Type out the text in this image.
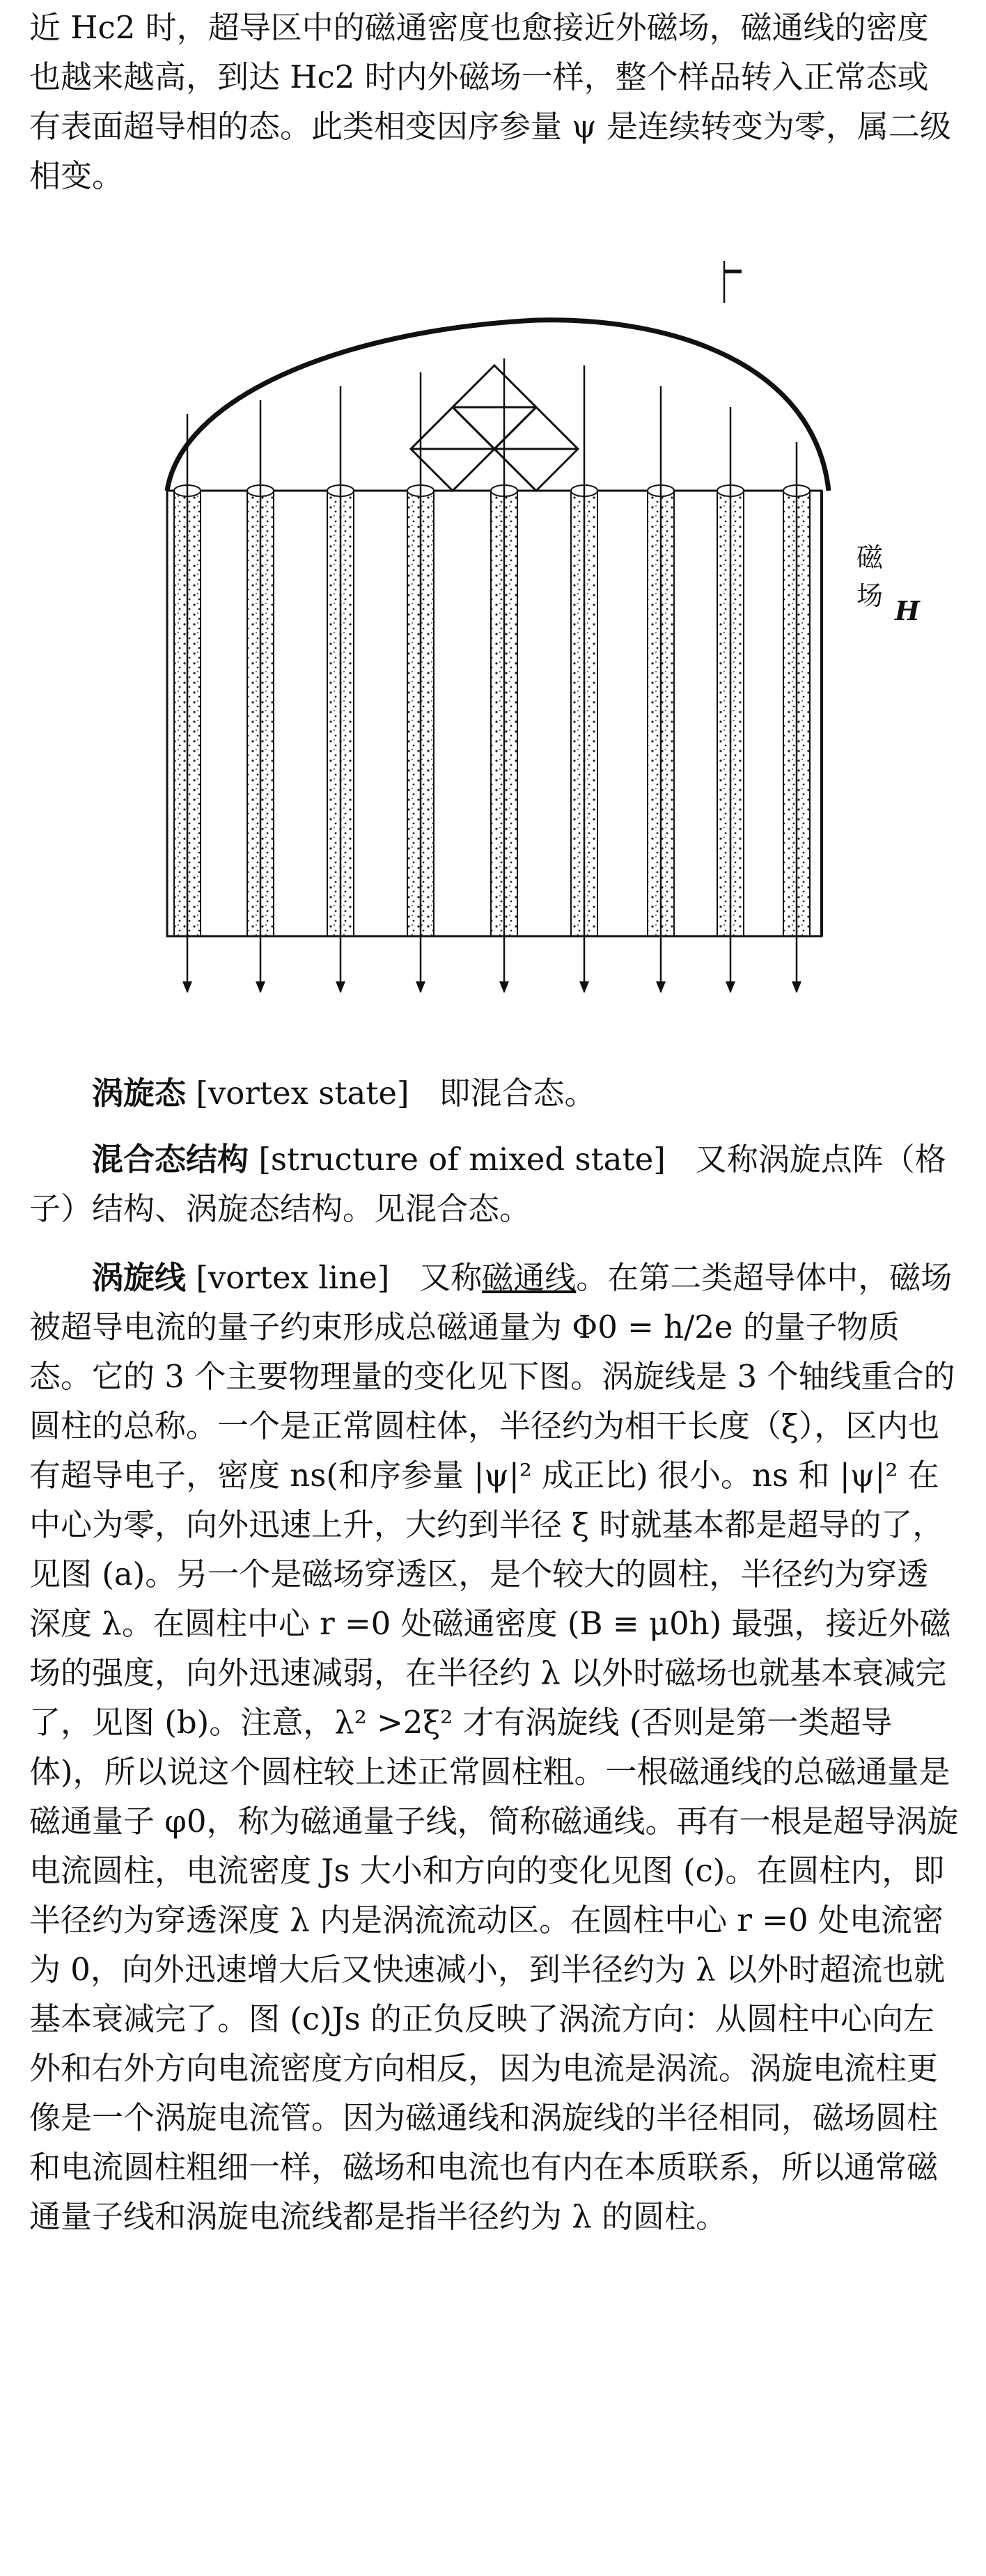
近 Hc2 时，超导区中的磁通密度也愈接近外磁场，磁通线的密度也越来越高，到达 Hc2 时内外磁场一样，整个样品转入正常态或有表面超导相的态。此类相变因序参量 ψ 是连续转变为零，属二级相变。

磁场 H

涡旋态 [vortex state] 即混合态。

混合态结构 [structure of mixed state] 又称涡旋点阵（格子）结构、涡旋态结构。见混合态。

涡旋线 [vortex line] 又称磁通线。在第二类超导体中，磁场被超导电流的量子约束形成总磁通量为 Φ0 = h/2e 的量子物质态。它的 3 个主要物理量的变化见下图。涡旋线是 3 个轴线重合的圆柱的总称。一个是正常圆柱体，半径约为相干长度（ξ），区内也有超导电子，密度 ns(和序参量 |ψ|² 成正比) 很小。ns 和 |ψ|² 在中心为零，向外迅速上升，大约到半径 ξ 时就基本都是超导的了，见图 (a)。另一个是磁场穿透区，是个较大的圆柱，半径约为穿透深度 λ。在圆柱中心 r =0 处磁通密度 (B ≡ μ0h) 最强，接近外磁场的强度，向外迅速减弱，在半径约 λ 以外时磁场也就基本衰减完了，见图 (b)。注意，λ² >2ξ² 才有涡旋线 (否则是第一类超导体)，所以说这个圆柱较上述正常圆柱粗。一根磁通线的总磁通量是磁通量子 φ0，称为磁通量子线，简称磁通线。再有一根是超导涡旋电流圆柱，电流密度 Js 大小和方向的变化见图 (c)。在圆柱内，即半径约为穿透深度 λ 内是涡流流动区。在圆柱中心 r =0 处电流密为 0，向外迅速增大后又快速减小，到半径约为 λ 以外时超流也就基本衰减完了。图 (c)Js 的正负反映了涡流方向：从圆柱中心向左外和右外方向电流密度方向相反，因为电流是涡流。涡旋电流柱更像是一个涡旋电流管。因为磁通线和涡旋线的半径相同，磁场圆柱和电流圆柱粗细一样，磁场和电流也有内在本质联系，所以通常磁通量子线和涡旋电流线都是指半径约为 λ 的圆柱。
